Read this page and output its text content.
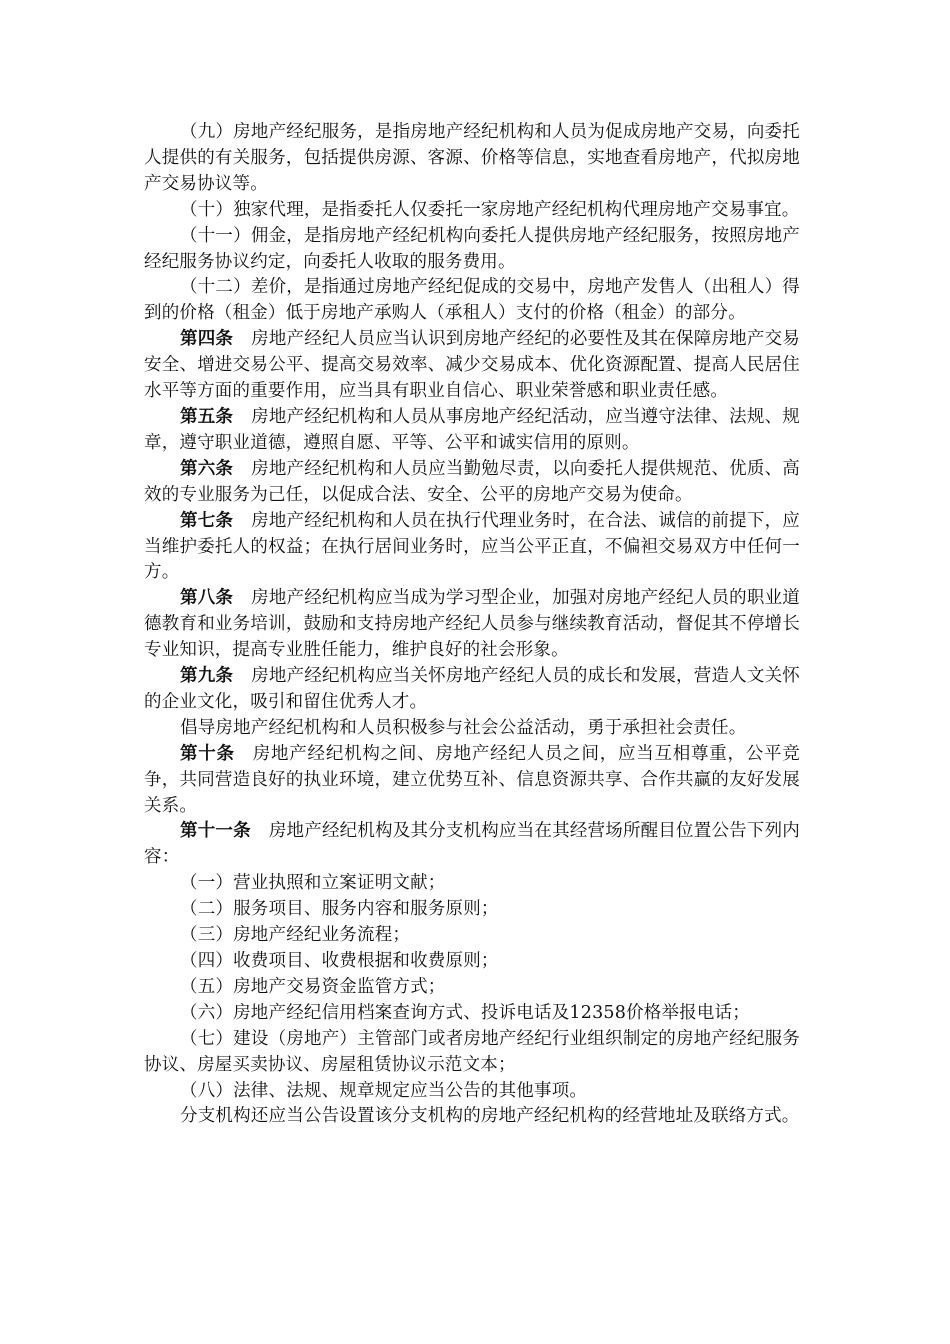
（九）房地产经纪服务，是指房地产经纪机构和人员为促成房地产交易，向委托人提供的有关服务，包括提供房源、客源、价格等信息，实地查看房地产，代拟房地产交易协议等。

（十）独家代理，是指委托人仅委托一家房地产经纪机构代理房地产交易事宜。

（十一）佣金，是指房地产经纪机构向委托人提供房地产经纪服务，按照房地产经纪服务协议约定，向委托人收取的服务费用。

（十二）差价，是指通过房地产经纪促成的交易中，房地产发售人（出租人）得到的价格（租金）低于房地产承购人（承租人）支付的价格（租金）的部分。

第四条 房地产经纪人员应当认识到房地产经纪的必要性及其在保障房地产交易安全、增进交易公平、提高交易效率、减少交易成本、优化资源配置、提高人民居住水平等方面的重要作用，应当具有职业自信心、职业荣誉感和职业责任感。

第五条 房地产经纪机构和人员从事房地产经纪活动，应当遵守法律、法规、规章，遵守职业道德，遵照自愿、平等、公平和诚实信用的原则。

第六条 房地产经纪机构和人员应当勤勉尽责，以向委托人提供规范、优质、高效的专业服务为己任，以促成合法、安全、公平的房地产交易为使命。

第七条 房地产经纪机构和人员在执行代理业务时，在合法、诚信的前提下，应当维护委托人的权益；在执行居间业务时，应当公平正直，不偏袒交易双方中任何一方。

第八条 房地产经纪机构应当成为学习型企业，加强对房地产经纪人员的职业道德教育和业务培训，鼓励和支持房地产经纪人员参与继续教育活动，督促其不停增长专业知识，提高专业胜任能力，维护良好的社会形象。

第九条 房地产经纪机构应当关怀房地产经纪人员的成长和发展，营造人文关怀的企业文化，吸引和留住优秀人才。

倡导房地产经纪机构和人员积极参与社会公益活动，勇于承担社会责任。

第十条 房地产经纪机构之间、房地产经纪人员之间，应当互相尊重，公平竞争，共同营造良好的执业环境，建立优势互补、信息资源共享、合作共赢的友好发展关系。

第十一条 房地产经纪机构及其分支机构应当在其经营场所醒目位置公告下列内容：

（一）营业执照和立案证明文献；

（二）服务项目、服务内容和服务原则；

（三）房地产经纪业务流程；

（四）收费项目、收费根据和收费原则；

（五）房地产交易资金监管方式；

（六）房地产经纪信用档案查询方式、投诉电话及12358价格举报电话；

（七）建设（房地产）主管部门或者房地产经纪行业组织制定的房地产经纪服务协议、房屋买卖协议、房屋租赁协议示范文本；

（八）法律、法规、规章规定应当公告的其他事项。

分支机构还应当公告设置该分支机构的房地产经纪机构的经营地址及联络方式。
